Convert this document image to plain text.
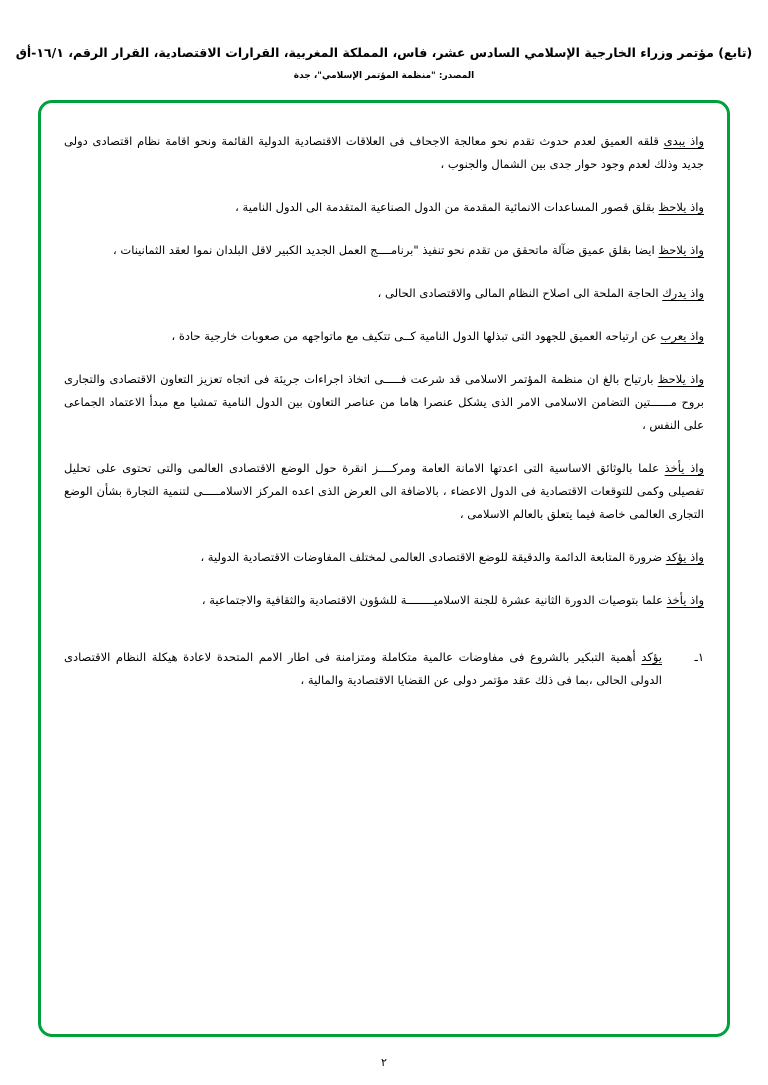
(تابع) مؤتمر وزراء الخارجية الإسلامي السادس عشر، فاس، المملكة المغربية، القرارات الاقتصادية، القرار الرقم، ١٦/١-أق
المصدر: "منظمة المؤتمر الإسلامي"، جدة

واذ يبدى قلقه العميق لعدم حدوث تقدم نحو معالجة الاجحاف فى العلاقات الاقتصادية الدولية القائمة ونحو اقامة نظام اقتصادى دولى جديد وذلك لعدم وجود حوار جدى بين الشمال والجنوب ،

واذ يلاحظ بقلق قصور المساعدات الانمائية المقدمة من الدول الصناعية المتقدمة الى الدول النامية ،

واذ يلاحظ ايضا بقلق عميق ضآلة ماتحقق من تقدم نحو تنفيذ "برنامــــج العمل الجديد الكبير لاقل البلدان نموا لعقد الثمانينات ،

واذ يدرك الحاجة الملحة الى اصلاح النظام المالى والاقتصادى الحالى ،

واذ يعرب عن ارتياحه العميق للجهود التى تبذلها الدول النامية كــى تتكيف مع ماتواجهه من صعوبات خارجية حادة ،

واذ يلاحظ بارتياح بالغ ان منظمة المؤتمر الاسلامى قد شرعت فـــــى اتخاذ اجراءات جريئة فى اتجاه تعزيز التعاون الاقتصادى والتجارى بروح مــــــتين التضامن الاسلامى الامر الذى يشكل عنصرا هاما من عناصر التعاون بين الدول النامية تمشيا مع مبدأ الاعتماد الجماعى على النفس ،

واذ يأخذ علما بالوثائق الاساسية التى اعدتها الامانة العامة ومركــــز انقرة حول الوضع الاقتصادى العالمى والتى تحتوى على تحليل تفصيلى وكمى للتوقعات الاقتصادية فى الدول الاعضاء ، بالاضافة الى العرض الذى اعده المركز الاسلامـــــى لتنمية التجارة بشأن الوضع التجارى العالمى خاصة فيما يتعلق بالعالم الاسلامى ،

واذ يؤكد ضرورة المتابعة الدائمة والدقيقة للوضع الاقتصادى العالمى لمختلف المفاوضات الاقتصادية الدولية ،

واذ يأخذ علما بتوصيات الدورة الثانية عشرة للجنة الاسلاميــــــــة للشؤون الاقتصادية والثقافية والاجتماعية ،

١ـ
يؤكد أهمية التبكير بالشروع فى مفاوضات عالمية متكاملة ومتزامنة فى اطار الامم المتحدة لاعادة هيكلة النظام الاقتصادى الدولى الحالى ،بما فى ذلك عقد مؤتمر دولى عن القضايا الاقتصادية والمالية ،
٢
